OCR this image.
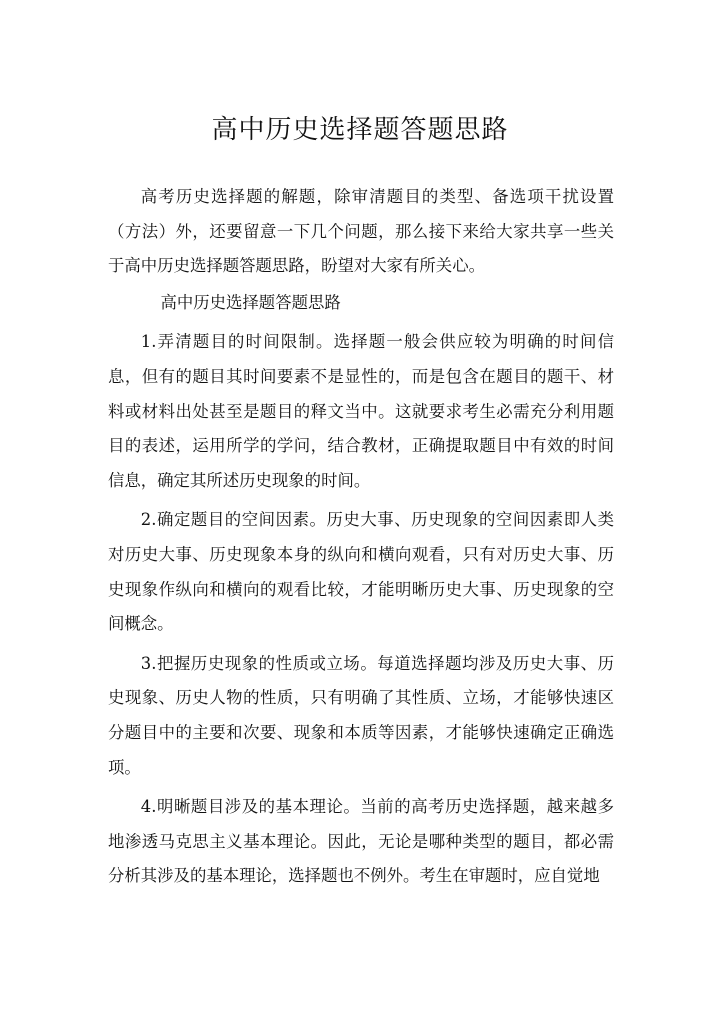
高中历史选择题答题思路

高考历史选择题的解题，除审清题目的类型、备选项干扰设置（方法）外，还要留意一下几个问题，那么接下来给大家共享一些关于高中历史选择题答题思路，盼望对大家有所关心。

高中历史选择题答题思路

1.弄清题目的时间限制。选择题一般会供应较为明确的时间信息，但有的题目其时间要素不是显性的，而是包含在题目的题干、材料或材料出处甚至是题目的释文当中。这就要求考生必需充分利用题目的表述，运用所学的学问，结合教材，正确提取题目中有效的时间信息，确定其所述历史现象的时间。

2.确定题目的空间因素。历史大事、历史现象的空间因素即人类对历史大事、历史现象本身的纵向和横向观看，只有对历史大事、历史现象作纵向和横向的观看比较，才能明晰历史大事、历史现象的空间概念。

3.把握历史现象的性质或立场。每道选择题均涉及历史大事、历史现象、历史人物的性质，只有明确了其性质、立场，才能够快速区分题目中的主要和次要、现象和本质等因素，才能够快速确定正确选项。

4.明晰题目涉及的基本理论。当前的高考历史选择题，越来越多地渗透马克思主义基本理论。因此，无论是哪种类型的题目，都必需分析其涉及的基本理论，选择题也不例外。考生在审题时，应自觉地
